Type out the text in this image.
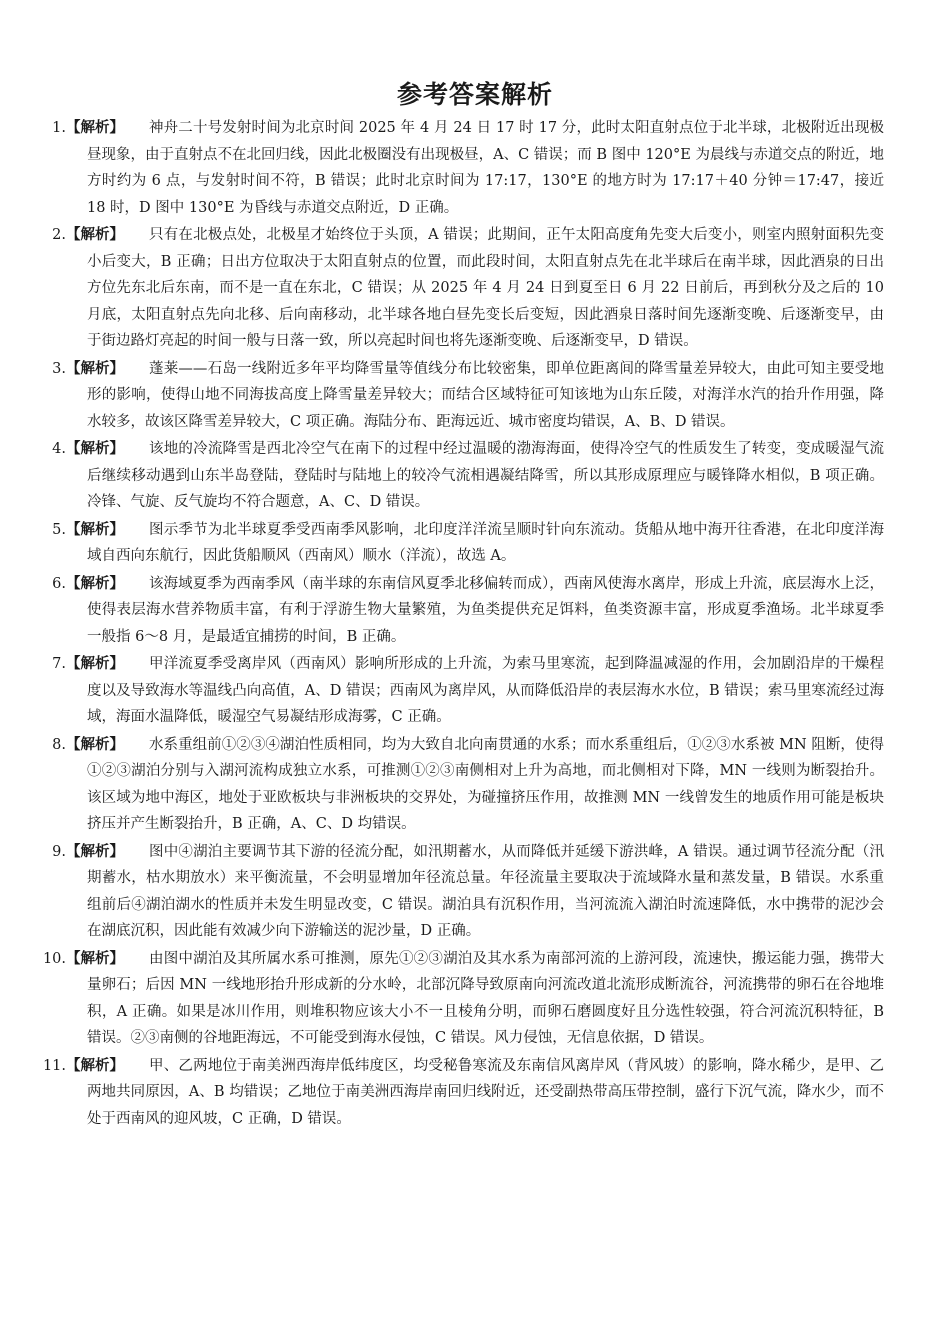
参考答案解析
1. 【解析】	神舟二十号发射时间为北京时间 2025 年 4 月 24 日 17 时 17 分，此时太阳直射点位于北半球，北极附近出现极昼现象，由于直射点不在北回归线，因此北极圈没有出现极昼，A、C 错误；而 B 图中 120°E 为晨线与赤道交点的附近，地方时约为 6 点，与发射时间不符，B 错误；此时北京时间为 17:17，130°E 的地方时为 17:17＋40 分钟＝17:47，接近 18 时，D 图中 130°E 为昏线与赤道交点附近，D 正确。
2. 【解析】	只有在北极点处，北极星才始终位于头顶，A 错误；此期间，正午太阳高度角先变大后变小，则室内照射面积先变小后变大，B 正确；日出方位取决于太阳直射点的位置，而此段时间，太阳直射点先在北半球后在南半球，因此酒泉的日出方位先东北后东南，而不是一直在东北，C 错误；从 2025 年 4 月 24 日到夏至日 6 月 22 日前后，再到秋分及之后的 10 月底，太阳直射点先向北移、后向南移动，北半球各地白昼先变长后变短，因此酒泉日落时间先逐渐变晚、后逐渐变早，由于街边路灯亮起的时间一般与日落一致，所以亮起时间也将先逐渐变晚、后逐渐变早，D 错误。
3. 【解析】	蓬莱——石岛一线附近多年平均降雪量等值线分布比较密集，即单位距离间的降雪量差异较大，由此可知主要受地形的影响，使得山地不同海拔高度上降雪量差异较大；而结合区域特征可知该地为山东丘陵，对海洋水汽的抬升作用强，降水较多，故该区降雪差异较大，C 项正确。海陆分布、距海远近、城市密度均错误，A、B、D 错误。
4. 【解析】	该地的冷流降雪是西北冷空气在南下的过程中经过温暖的渤海海面，使得冷空气的性质发生了转变，变成暖湿气流后继续移动遇到山东半岛登陆，登陆时与陆地上的较冷气流相遇凝结降雪，所以其形成原理应与暖锋降水相似，B 项正确。冷锋、气旋、反气旋均不符合题意，A、C、D 错误。
5. 【解析】	图示季节为北半球夏季受西南季风影响，北印度洋洋流呈顺时针向东流动。货船从地中海开往香港，在北印度洋海域自西向东航行，因此货船顺风（西南风）顺水（洋流），故选 A。
6. 【解析】	该海域夏季为西南季风（南半球的东南信风夏季北移偏转而成），西南风使海水离岸，形成上升流，底层海水上泛，使得表层海水营养物质丰富，有利于浮游生物大量繁殖，为鱼类提供充足饵料，鱼类资源丰富，形成夏季渔场。北半球夏季一般指 6～8 月，是最适宜捕捞的时间，B 正确。
7. 【解析】	甲洋流夏季受离岸风（西南风）影响所形成的上升流，为索马里寒流，起到降温减湿的作用，会加剧沿岸的干燥程度以及导致海水等温线凸向高值，A、D 错误；西南风为离岸风，从而降低沿岸的表层海水水位，B 错误；索马里寒流经过海域，海面水温降低，暖湿空气易凝结形成海雾，C 正确。
8. 【解析】	水系重组前①②③④湖泊性质相同，均为大致自北向南贯通的水系；而水系重组后，①②③水系被 MN 阻断，使得①②③湖泊分别与入湖河流构成独立水系，可推测①②③南侧相对上升为高地，而北侧相对下降，MN 一线则为断裂抬升。该区域为地中海区，地处于亚欧板块与非洲板块的交界处，为碰撞挤压作用，故推测 MN 一线曾发生的地质作用可能是板块挤压并产生断裂抬升，B 正确，A、C、D 均错误。
9. 【解析】	图中④湖泊主要调节其下游的径流分配，如汛期蓄水，从而降低并延缓下游洪峰，A 错误。通过调节径流分配（汛期蓄水，枯水期放水）来平衡流量，不会明显增加年径流总量。年径流量主要取决于流域降水量和蒸发量，B 错误。水系重组前后④湖泊湖水的性质并未发生明显改变，C 错误。湖泊具有沉积作用，当河流流入湖泊时流速降低，水中携带的泥沙会在湖底沉积，因此能有效减少向下游输送的泥沙量，D 正确。
10. 【解析】	由图中湖泊及其所属水系可推测，原先①②③湖泊及其水系为南部河流的上游河段，流速快，搬运能力强，携带大量卵石；后因 MN 一线地形抬升形成新的分水岭，北部沉降导致原南向河流改道北流形成断流谷，河流携带的卵石在谷地堆积，A 正确。如果是冰川作用，则堆积物应该大小不一且棱角分明，而卵石磨圆度好且分选性较强，符合河流沉积特征，B 错误。②③南侧的谷地距海远，不可能受到海水侵蚀，C 错误。风力侵蚀，无信息依据，D 错误。
11. 【解析】	甲、乙两地位于南美洲西海岸低纬度区，均受秘鲁寒流及东南信风离岸风（背风坡）的影响，降水稀少，是甲、乙两地共同原因，A、B 均错误；乙地位于南美洲西海岸南回归线附近，还受副热带高压带控制，盛行下沉气流，降水少，而不处于西南风的迎风坡，C 正确，D 错误。
